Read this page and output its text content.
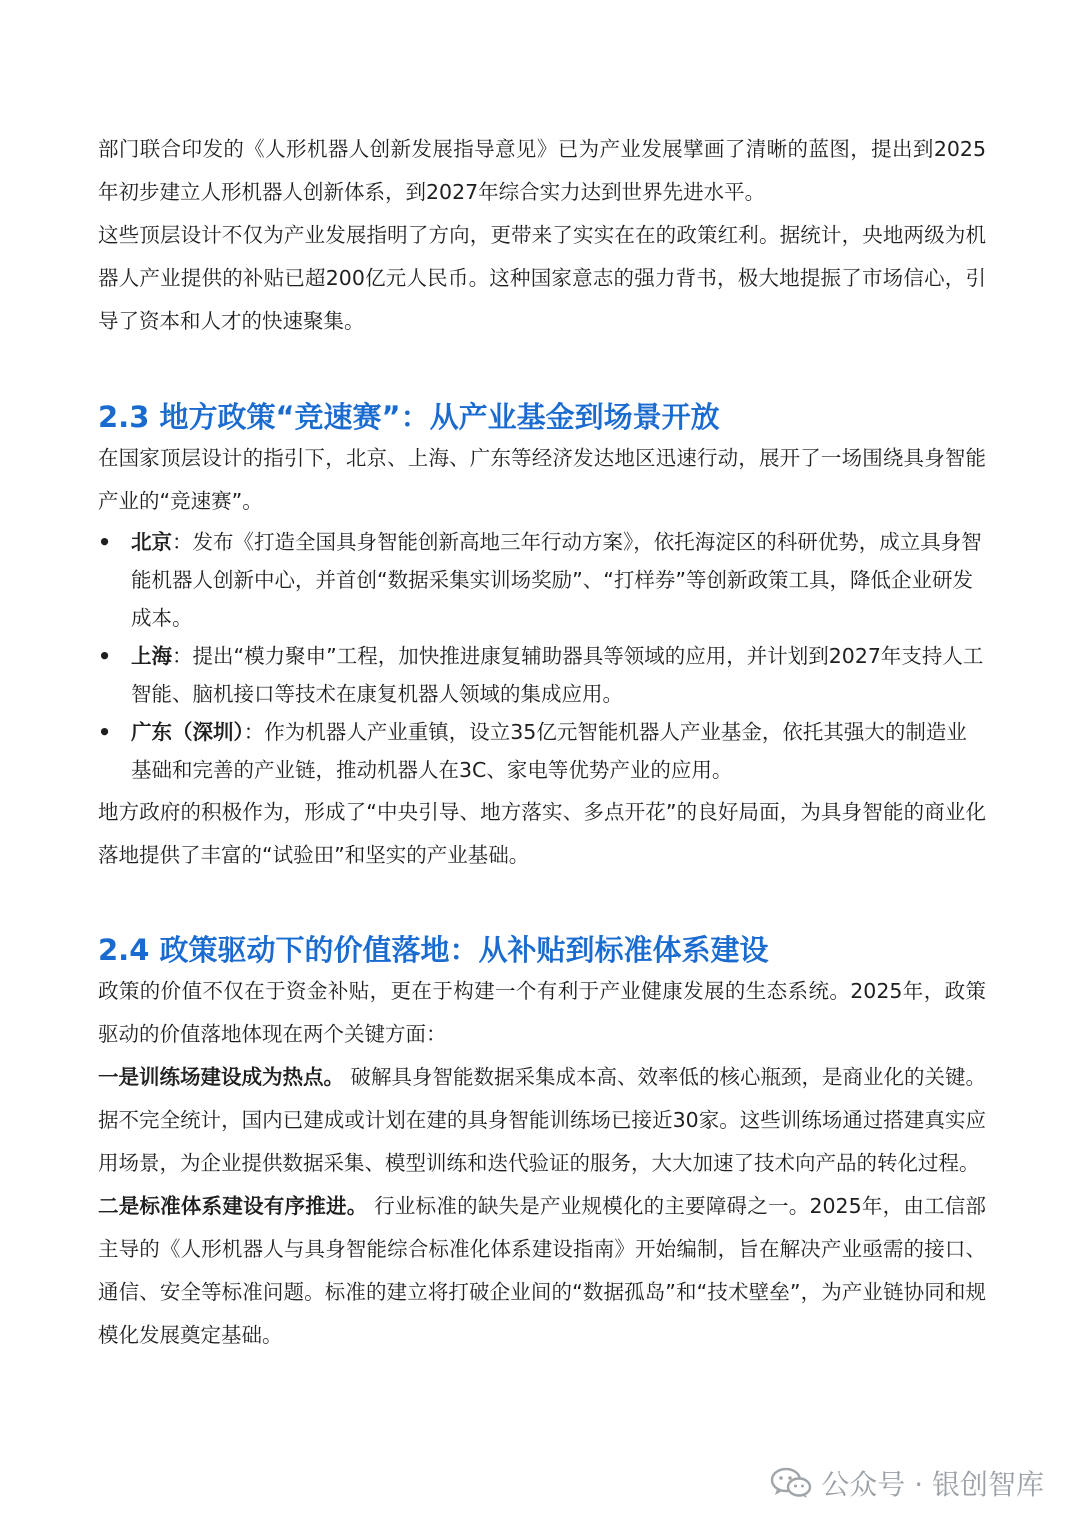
部门联合印发的《人形机器人创新发展指导意见》已为产业发展擘画了清晰的蓝图，提出到2025年初步建立人形机器人创新体系，到2027年综合实力达到世界先进水平。

这些顶层设计不仅为产业发展指明了方向，更带来了实实在在的政策红利。据统计，央地两级为机器人产业提供的补贴已超200亿元人民币。这种国家意志的强力背书，极大地提振了市场信心，引导了资本和人才的快速聚集。

2.3 地方政策“竞速赛”：从产业基金到场景开放

在国家顶层设计的指引下，北京、上海、广东等经济发达地区迅速行动，展开了一场围绕具身智能产业的“竞速赛”。

• 北京：发布《打造全国具身智能创新高地三年行动方案》，依托海淀区的科研优势，成立具身智能机器人创新中心，并首创“数据采集实训场奖励”、“打样券”等创新政策工具，降低企业研发成本。
• 上海：提出“模力聚申”工程，加快推进康复辅助器具等领域的应用，并计划到2027年支持人工智能、脑机接口等技术在康复机器人领域的集成应用。
• 广东（深圳）：作为机器人产业重镇，设立35亿元智能机器人产业基金，依托其强大的制造业基础和完善的产业链，推动机器人在3C、家电等优势产业的应用。

地方政府的积极作为，形成了“中央引导、地方落实、多点开花”的良好局面，为具身智能的商业化落地提供了丰富的“试验田”和坚实的产业基础。

2.4 政策驱动下的价值落地：从补贴到标准体系建设

政策的价值不仅在于资金补贴，更在于构建一个有利于产业健康发展的生态系统。2025年，政策驱动的价值落地体现在两个关键方面：

一是训练场建设成为热点。 破解具身智能数据采集成本高、效率低的核心瓶颈，是商业化的关键。据不完全统计，国内已建成或计划在建的具身智能训练场已接近30家。这些训练场通过搭建真实应用场景，为企业提供数据采集、模型训练和迭代验证的服务，大大加速了技术向产品的转化过程。

二是标准体系建设有序推进。 行业标准的缺失是产业规模化的主要障碍之一。2025年，由工信部主导的《人形机器人与具身智能综合标准化体系建设指南》开始编制，旨在解决产业亟需的接口、通信、安全等标准问题。标准的建立将打破企业间的“数据孤岛”和“技术壁垒”，为产业链协同和规模化发展奠定基础。

公众号 · 银创智库
